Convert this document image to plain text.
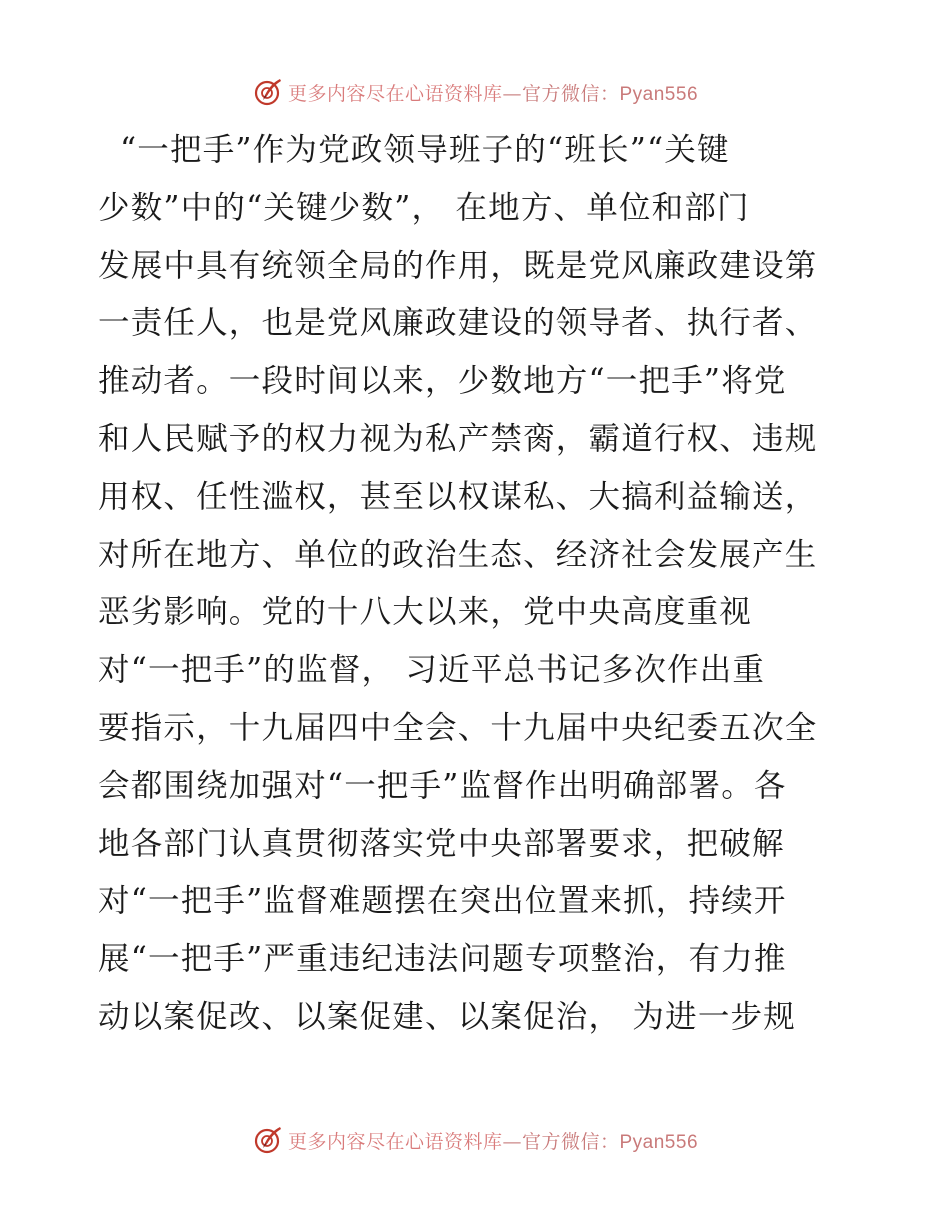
更多内容尽在心语资料库—官方微信：Pyan556
“一把手”作为党政领导班子的“班长”“关键
少数”中的“关键少数”， 在地方、单位和部门
发展中具有统领全局的作用，既是党风廉政建设第
一责任人，也是党风廉政建设的领导者、执行者、
推动者。一段时间以来，少数地方“一把手”将党
和人民赋予的权力视为私产禁脔，霸道行权、违规
用权、任性滥权，甚至以权谋私、大搞利益输送，
对所在地方、单位的政治生态、经济社会发展产生
恶劣影响。党的十八大以来，党中央高度重视
对“一把手”的监督， 习近平总书记多次作出重
要指示，十九届四中全会、十九届中央纪委五次全
会都围绕加强对“一把手”监督作出明确部署。各
地各部门认真贯彻落实党中央部署要求，把破解
对“一把手”监督难题摆在突出位置来抓，持续开
展“一把手”严重违纪违法问题专项整治，有力推
动以案促改、以案促建、以案促治， 为进一步规
更多内容尽在心语资料库—官方微信：Pyan556
